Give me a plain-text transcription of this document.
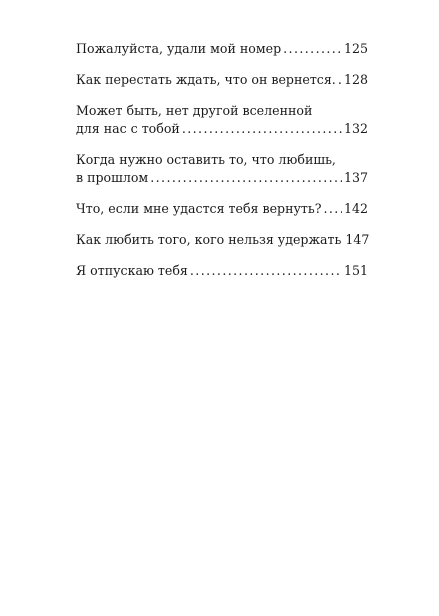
Пожалуйста, удали мой номер . . .	125
Как перестать ждать, что он вернется. . . . 128
Может быть, нет другой вселенной
для нас с тобой . . .	132
Когда нужно оставить то, что любишь,
в прошлом . . .	137
Что, если мне удастся тебя вернуть? . . . 142
Как любить того, кого нельзя удержать 147
Я отпускаю тебя . . .	151
